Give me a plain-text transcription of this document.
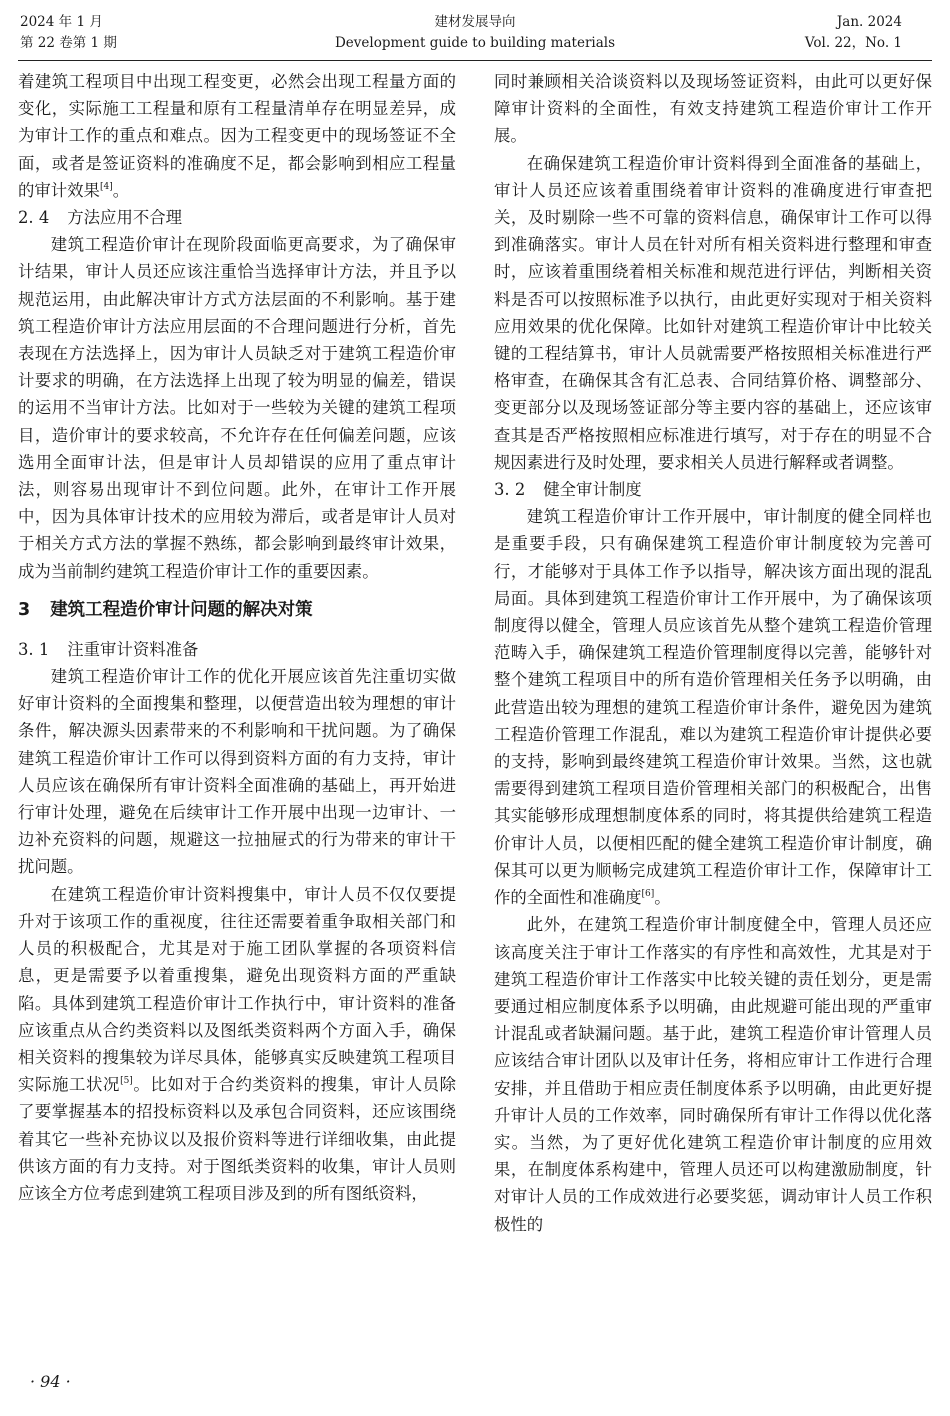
2024 年 1 月
第 22 卷第 1 期
建材发展导向
Development guide to building materials
Jan. 2024
Vol. 22，No. 1

着建筑工程项目中出现工程变更，必然会出现工程量方面的变化，实际施工工程量和原有工程量清单存在明显差异，成为审计工作的重点和难点。因为工程变更中的现场签证不全面，或者是签证资料的准确度不足，都会影响到相应工程量的审计效果[4]。

2. 4 方法应用不合理

建筑工程造价审计在现阶段面临更高要求，为了确保审计结果，审计人员还应该注重恰当选择审计方法，并且予以规范运用，由此解决审计方式方法层面的不利影响。基于建筑工程造价审计方法应用层面的不合理问题进行分析，首先表现在方法选择上，因为审计人员缺乏对于建筑工程造价审计要求的明确，在方法选择上出现了较为明显的偏差，错误的运用不当审计方法。比如对于一些较为关键的建筑工程项目，造价审计的要求较高，不允许存在任何偏差问题，应该选用全面审计法，但是审计人员却错误的应用了重点审计法，则容易出现审计不到位问题。此外，在审计工作开展中，因为具体审计技术的应用较为滞后，或者是审计人员对于相关方式方法的掌握不熟练，都会影响到最终审计效果，成为当前制约建筑工程造价审计工作的重要因素。

3 建筑工程造价审计问题的解决对策
3. 1 注重审计资料准备

建筑工程造价审计工作的优化开展应该首先注重切实做好审计资料的全面搜集和整理，以便营造出较为理想的审计条件，解决源头因素带来的不利影响和干扰问题。为了确保建筑工程造价审计工作可以得到资料方面的有力支持，审计人员应该在确保所有审计资料全面准确的基础上，再开始进行审计处理，避免在后续审计工作开展中出现一边审计、一边补充资料的问题，规避这一拉抽屉式的行为带来的审计干扰问题。

在建筑工程造价审计资料搜集中，审计人员不仅仅要提升对于该项工作的重视度，往往还需要着重争取相关部门和人员的积极配合，尤其是对于施工团队掌握的各项资料信息，更是需要予以着重搜集，避免出现资料方面的严重缺陷。具体到建筑工程造价审计工作执行中，审计资料的准备应该重点从合约类资料以及图纸类资料两个方面入手，确保相关资料的搜集较为详尽具体，能够真实反映建筑工程项目实际施工状况[5]。比如对于合约类资料的搜集，审计人员除了要掌握基本的招投标资料以及承包合同资料，还应该围绕着其它一些补充协议以及报价资料等进行详细收集，由此提供该方面的有力支持。对于图纸类资料的收集，审计人员则应该全方位考虑到建筑工程项目涉及到的所有图纸资料，

同时兼顾相关洽谈资料以及现场签证资料，由此可以更好保障审计资料的全面性，有效支持建筑工程造价审计工作开展。

在确保建筑工程造价审计资料得到全面准备的基础上，审计人员还应该着重围绕着审计资料的准确度进行审查把关，及时剔除一些不可靠的资料信息，确保审计工作可以得到准确落实。审计人员在针对所有相关资料进行整理和审查时，应该着重围绕着相关标准和规范进行评估，判断相关资料是否可以按照标准予以执行，由此更好实现对于相关资料应用效果的优化保障。比如针对建筑工程造价审计中比较关键的工程结算书，审计人员就需要严格按照相关标准进行严格审查，在确保其含有汇总表、合同结算价格、调整部分、变更部分以及现场签证部分等主要内容的基础上，还应该审查其是否严格按照相应标准进行填写，对于存在的明显不合规因素进行及时处理，要求相关人员进行解释或者调整。

3. 2 健全审计制度

建筑工程造价审计工作开展中，审计制度的健全同样也是重要手段，只有确保建筑工程造价审计制度较为完善可行，才能够对于具体工作予以指导，解决该方面出现的混乱局面。具体到建筑工程造价审计工作开展中，为了确保该项制度得以健全，管理人员应该首先从整个建筑工程造价管理范畴入手，确保建筑工程造价管理制度得以完善，能够针对整个建筑工程项目中的所有造价管理相关任务予以明确，由此营造出较为理想的建筑工程造价审计条件，避免因为建筑工程造价管理工作混乱，难以为建筑工程造价审计提供必要的支持，影响到最终建筑工程造价审计效果。当然，这也就需要得到建筑工程项目造价管理相关部门的积极配合，出售其实能够形成理想制度体系的同时，将其提供给建筑工程造价审计人员，以便相匹配的健全建筑工程造价审计制度，确保其可以更为顺畅完成建筑工程造价审计工作，保障审计工作的全面性和准确度[6]。

此外，在建筑工程造价审计制度健全中，管理人员还应该高度关注于审计工作落实的有序性和高效性，尤其是对于建筑工程造价审计工作落实中比较关键的责任划分，更是需要通过相应制度体系予以明确，由此规避可能出现的严重审计混乱或者缺漏问题。基于此，建筑工程造价审计管理人员应该结合审计团队以及审计任务，将相应审计工作进行合理安排，并且借助于相应责任制度体系予以明确，由此更好提升审计人员的工作效率，同时确保所有审计工作得以优化落实。当然，为了更好优化建筑工程造价审计制度的应用效果，在制度体系构建中，管理人员还可以构建激励制度，针对审计人员的工作成效进行必要奖惩，调动审计人员工作积极性的

· 94 ·
